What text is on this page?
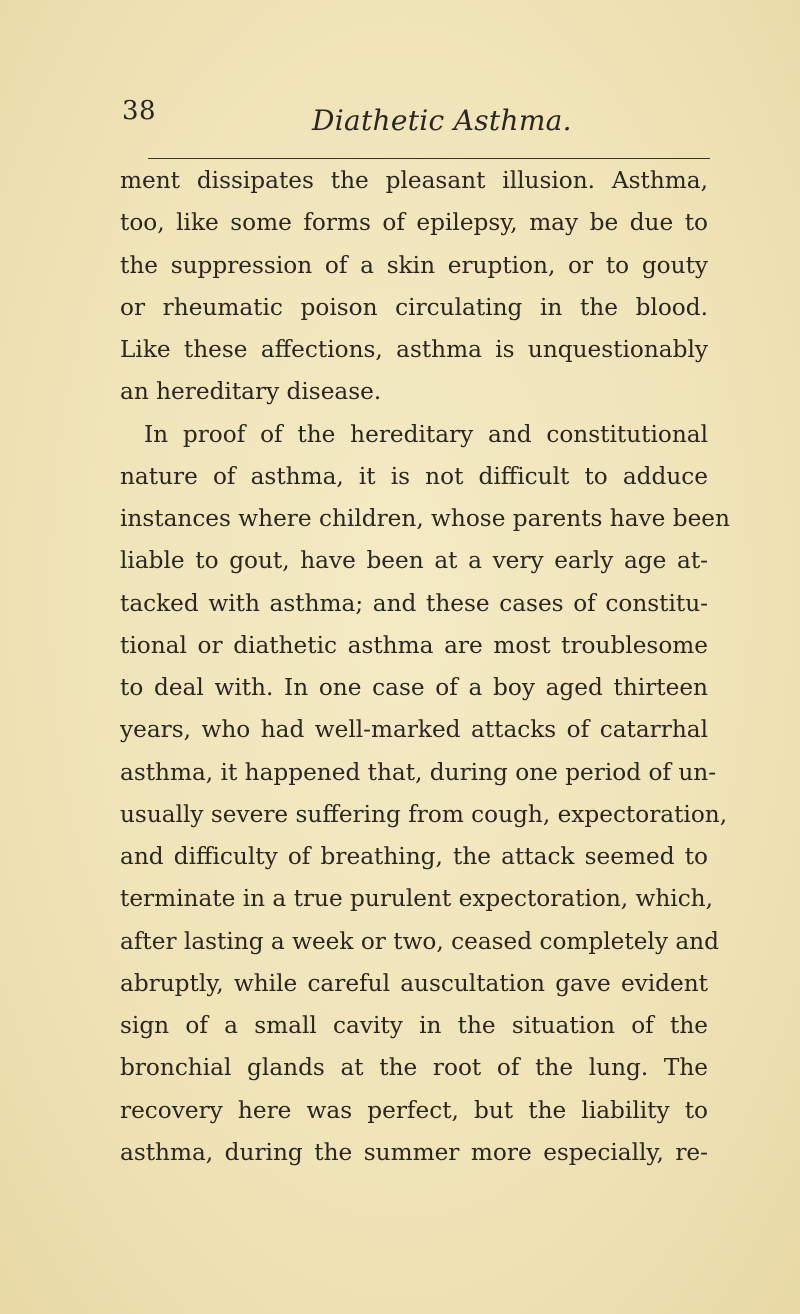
38	Diathetic Asthma.
ment dissipates the pleasant illusion. Asthma,
too, like some forms of epilepsy, may be due to
the suppression of a skin eruption, or to gouty
or rheumatic poison circulating in the blood.
Like these affections, asthma is unquestionably
an hereditary disease.
In proof of the hereditary and constitutional
nature of asthma, it is not difficult to adduce
instances where children, whose parents have been
liable to gout, have been at a very early age at-
tacked with asthma; and these cases of constitu-
tional or diathetic asthma are most troublesome
to deal with. In one case of a boy aged thirteen
years, who had well-marked attacks of catarrhal
asthma, it happened that, during one period of un-
usually severe suffering from cough, expectoration,
and difficulty of breathing, the attack seemed to
terminate in a true purulent expectoration, which,
after lasting a week or two, ceased completely and
abruptly, while careful auscultation gave evident
sign of a small cavity in the situation of the
bronchial glands at the root of the lung. The
recovery here was perfect, but the liability to
asthma, during the summer more especially, re-
